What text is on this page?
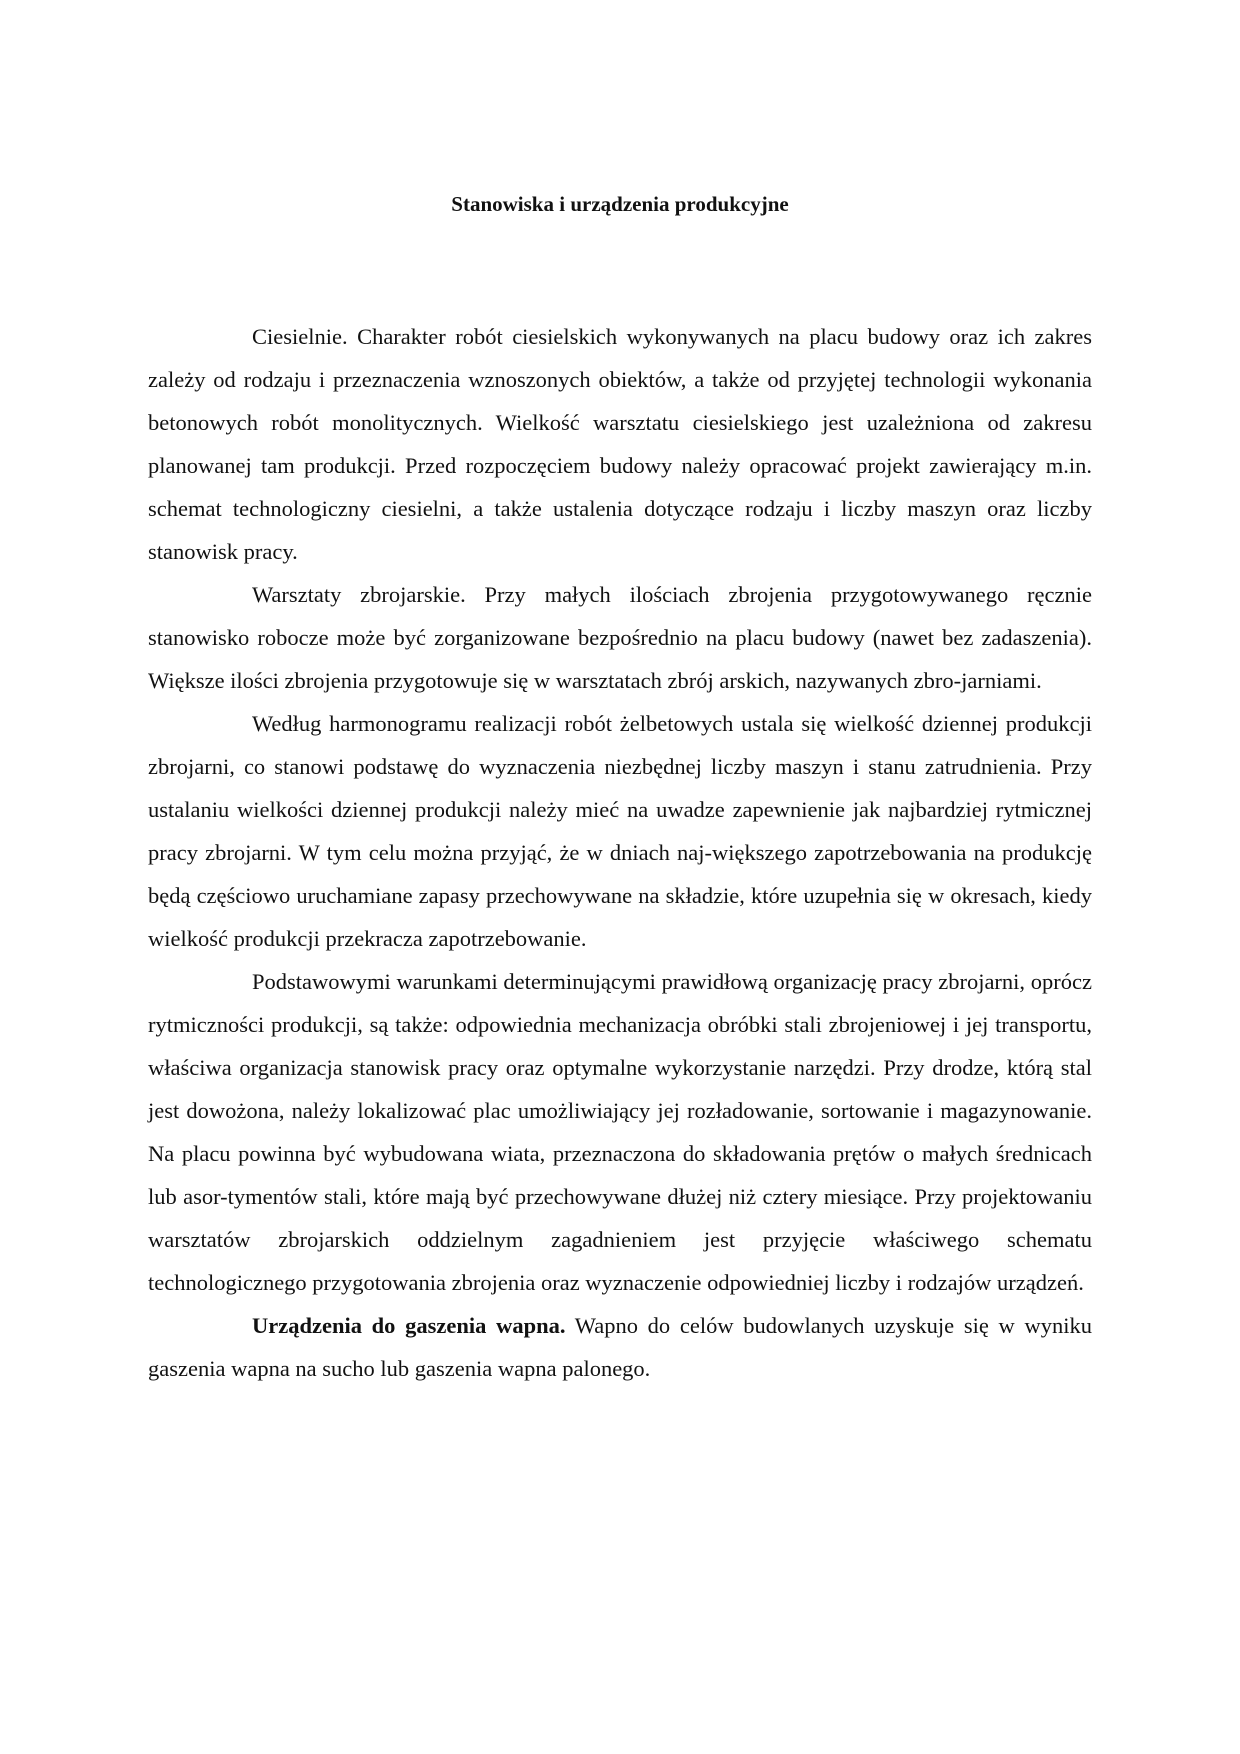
Stanowiska i urządzenia produkcyjne

Ciesielnie. Charakter robót ciesielskich wykonywanych na placu budowy oraz ich zakres zależy od rodzaju i przeznaczenia wznoszonych obiektów, a także od przyjętej technologii wykonania betonowych robót monolitycznych. Wielkość warsztatu ciesielskiego jest uzależniona od zakresu planowanej tam produkcji. Przed rozpoczęciem budowy należy opracować projekt zawierający m.in. schemat technologiczny ciesielni, a także ustalenia dotyczące rodzaju i liczby maszyn oraz liczby stanowisk pracy.

Warsztaty zbrojarskie. Przy małych ilościach zbrojenia przygotowywanego ręcznie stanowisko robocze może być zorganizowane bezpośrednio na placu budowy (nawet bez zadaszenia). Większe ilości zbrojenia przygotowuje się w warsztatach zbrój arskich, nazywanych zbro-jarniami.

Według harmonogramu realizacji robót żelbetowych ustala się wielkość dziennej produkcji zbrojarni, co stanowi podstawę do wyznaczenia niezbędnej liczby maszyn i stanu zatrudnienia. Przy ustalaniu wielkości dziennej produkcji należy mieć na uwadze zapewnienie jak najbardziej rytmicznej pracy zbrojarni. W tym celu można przyjąć, że w dniach naj-większego zapotrzebowania na produkcję będą częściowo uruchamiane zapasy przechowywane na składzie, które uzupełnia się w okresach, kiedy wielkość produkcji przekracza zapotrzebowanie.

Podstawowymi warunkami determinującymi prawidłową organizację pracy zbrojarni, oprócz rytmiczności produkcji, są także: odpowiednia mechanizacja obróbki stali zbrojeniowej i jej transportu, właściwa organizacja stanowisk pracy oraz optymalne wykorzystanie narzędzi. Przy drodze, którą stal jest dowożona, należy lokalizować plac umożliwiający jej rozładowanie, sortowanie i magazynowanie. Na placu powinna być wybudowana wiata, przeznaczona do składowania prętów o małych średnicach lub asor-tymentów stali, które mają być przechowywane dłużej niż cztery miesiące. Przy projektowaniu warsztatów zbrojarskich oddzielnym zagadnieniem jest przyjęcie właściwego schematu technologicznego przygotowania zbrojenia oraz wyznaczenie odpowiedniej liczby i rodzajów urządzeń.

Urządzenia do gaszenia wapna. Wapno do celów budowlanych uzyskuje się w wyniku gaszenia wapna na sucho lub gaszenia wapna palonego.
